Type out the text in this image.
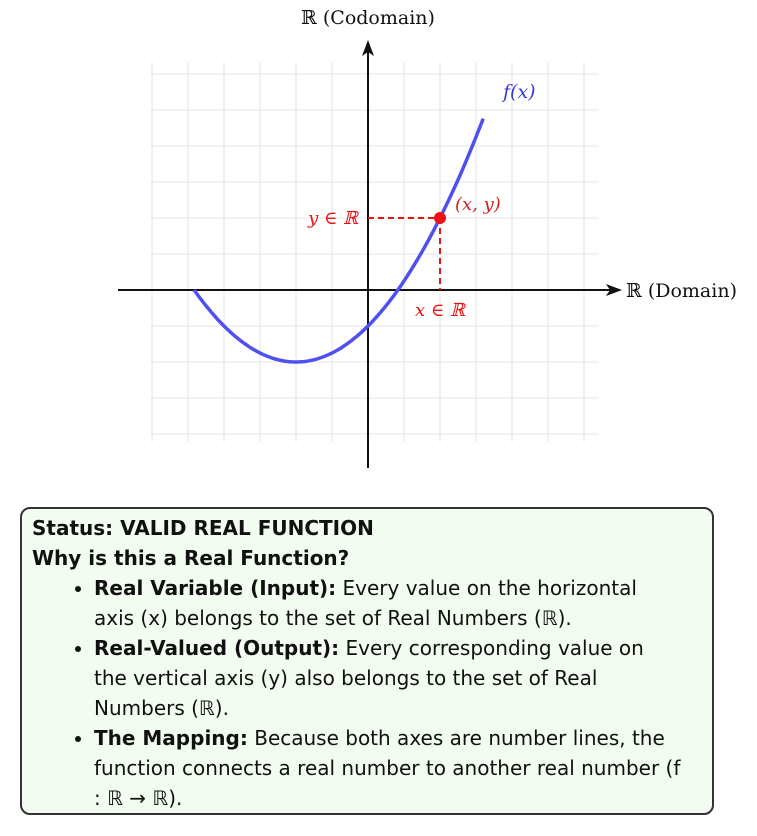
ℝ (Codomain)
ℝ (Domain)
f(x)
(x, y)
y ∈ ℝ
x ∈ ℝ
Status: VALID REAL FUNCTION
Why is this a Real Function?
• Real Variable (Input): Every value on the horizontal axis (x) belongs to the set of Real Numbers (ℝ).
• Real-Valued (Output): Every corresponding value on the vertical axis (y) also belongs to the set of Real Numbers (ℝ).
• The Mapping: Because both axes are number lines, the function connects a real number to another real number (f : ℝ → ℝ).
